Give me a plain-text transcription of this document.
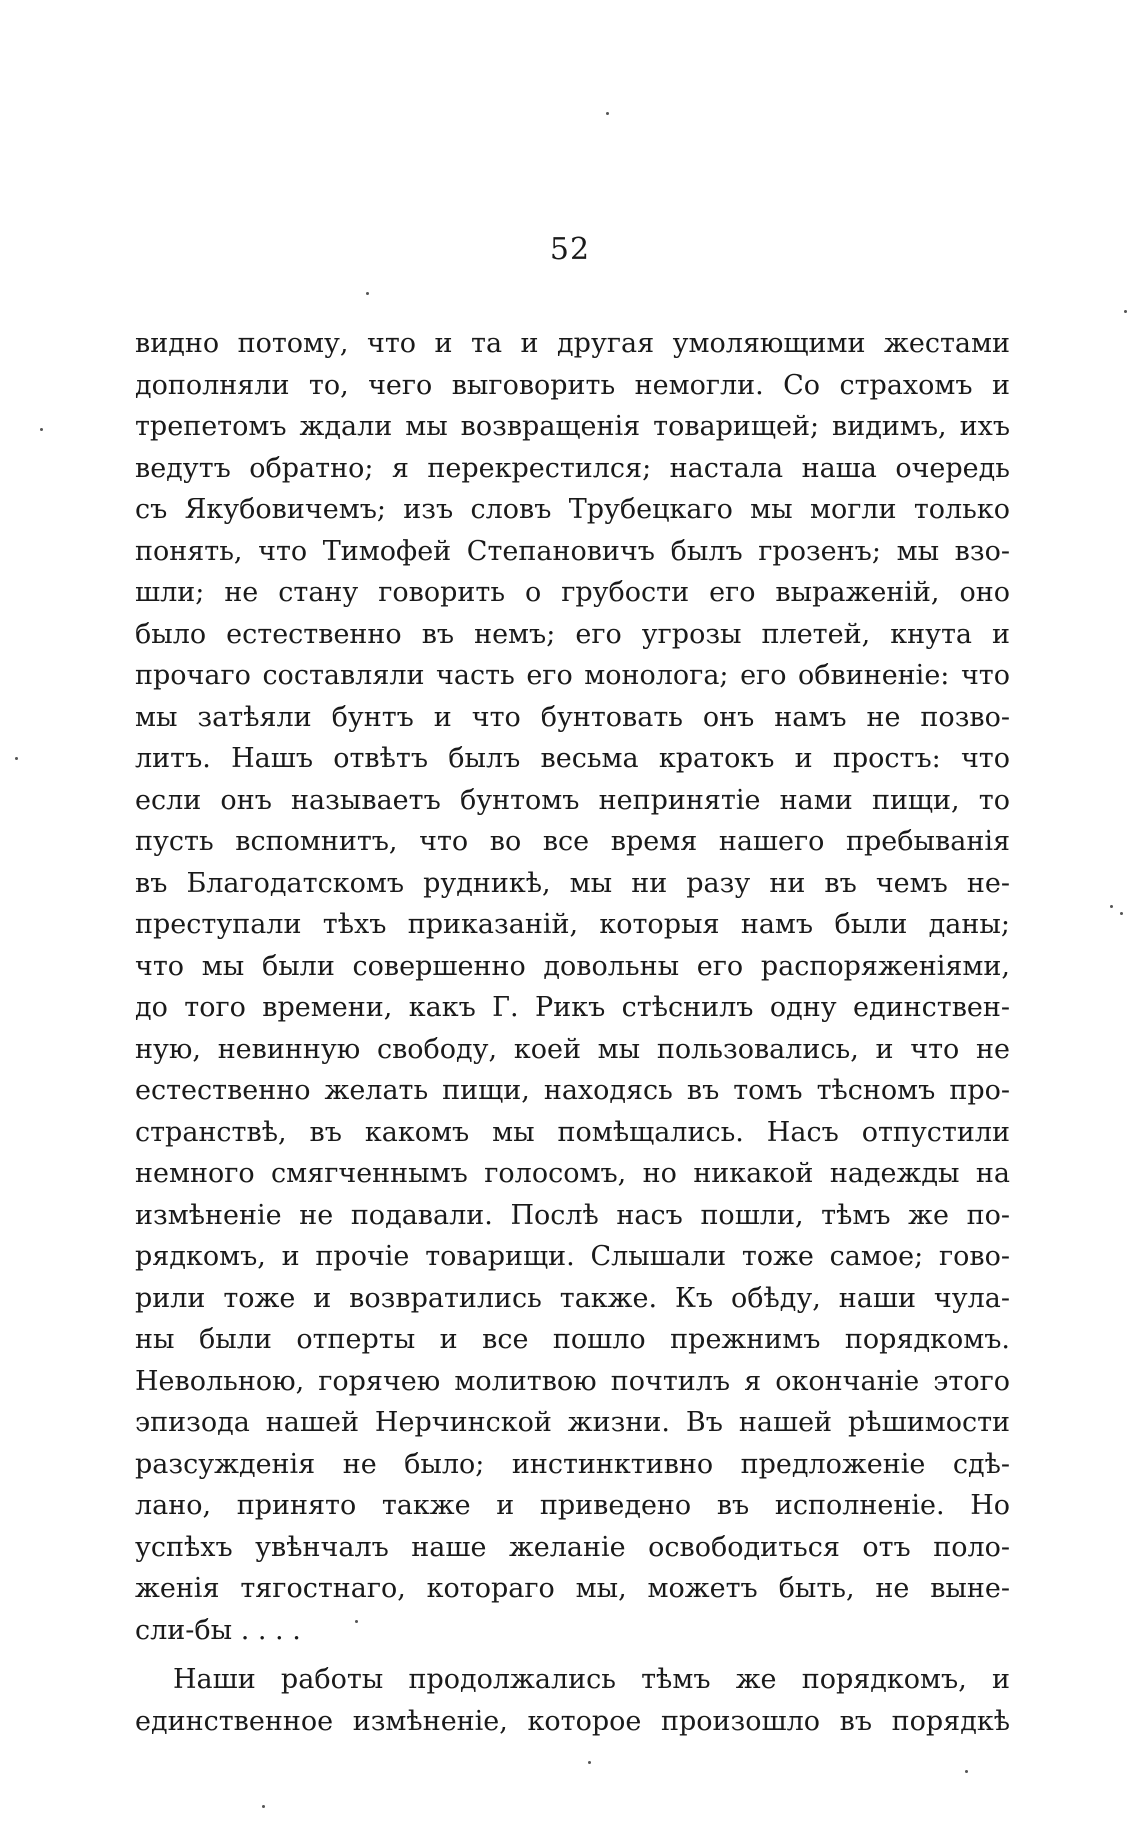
52
видно потому, что и та и другая умоляющими жестами
дополняли то, чего выговорить немогли. Со страхомъ и
трепетомъ ждали мы возвращенія товарищей; видимъ, ихъ
ведутъ обратно; я перекрестился; настала наша очередь
съ Якубовичемъ; изъ словъ Трубецкаго мы могли только
понять, что Тимофей Степановичъ былъ грозенъ; мы взо-
шли; не стану говорить о грубости его выраженій, оно
было естественно въ немъ; его угрозы плетей, кнута и
прочаго составляли часть его монолога; его обвиненіе: что
мы затѣяли бунтъ и что бунтовать онъ намъ не позво-
литъ. Нашъ отвѣтъ былъ весьма кратокъ и простъ: что
если онъ называетъ бунтомъ непринятіе нами пищи, то
пусть вспомнитъ, что во все время нашего пребыванія
въ Благодатскомъ рудникѣ, мы ни разу ни въ чемъ не-
преступали тѣхъ приказаній, которыя намъ были даны;
что мы были совершенно довольны его распоряженіями,
до того времени, какъ Г. Рикъ стѣснилъ одну единствен-
ную, невинную свободу, коей мы пользовались, и что не
естественно желать пищи, находясь въ томъ тѣсномъ про-
странствѣ, въ какомъ мы помѣщались. Насъ отпустили
немного смягченнымъ голосомъ, но никакой надежды на
измѣненіе не подавали. Послѣ насъ пошли, тѣмъ же по-
рядкомъ, и прочіе товарищи. Слышали тоже самое; гово-
рили тоже и возвратились также. Къ обѣду, наши чула-
ны были отперты и все пошло прежнимъ порядкомъ.
Невольною, горячею молитвою почтилъ я окончаніе этого
эпизода нашей Нерчинской жизни. Въ нашей рѣшимости
разсужденія не было; инстинктивно предложеніе сдѣ-
лано, принято также и приведено въ исполненіе. Но
успѣхъ увѣнчалъ наше желаніе освободиться отъ поло-
женія тягостнаго, котораго мы, можетъ быть, не выне-
сли-бы . . . .
Наши работы продолжались тѣмъ же порядкомъ, и
единственное измѣненіе, которое произошло въ порядкѣ
